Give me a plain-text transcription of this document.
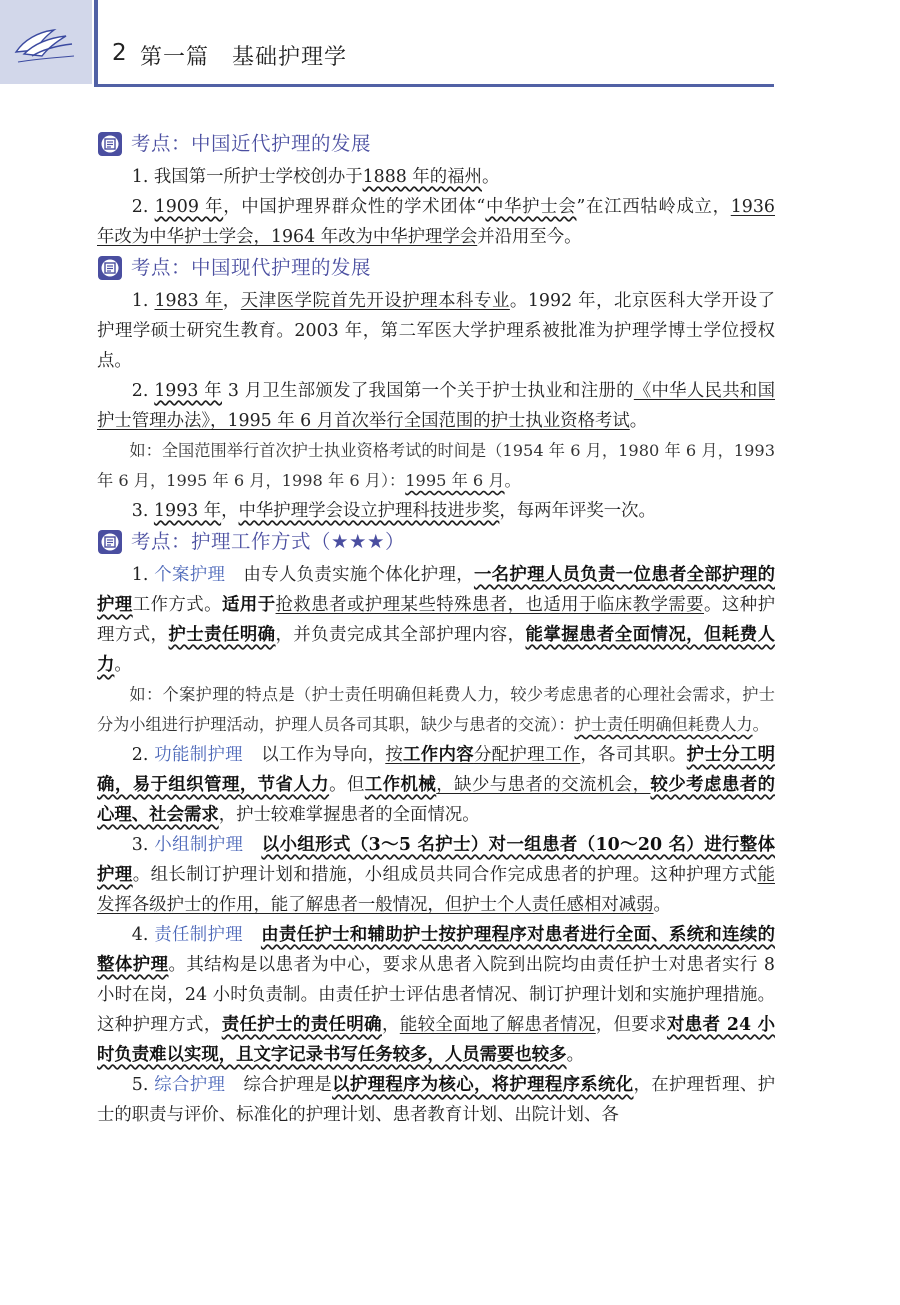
2 第一篇　基础护理学
考点：中国近代护理的发展

1. 我国第一所护士学校创办于1888 年的福州。

2. 1909 年，中国护理界群众性的学术团体“中华护士会”在江西牯岭成立，1936 年改为中华护士学会，1964 年改为中华护理学会并沿用至今。

考点：中国现代护理的发展

1. 1983 年，天津医学院首先开设护理本科专业。1992 年，北京医科大学开设了护理学硕士研究生教育。2003 年，第二军医大学护理系被批准为护理学博士学位授权点。

2. 1993 年 3 月卫生部颁发了我国第一个关于护士执业和注册的《中华人民共和国护士管理办法》，1995 年 6 月首次举行全国范围的护士执业资格考试。

如：全国范围举行首次护士执业资格考试的时间是（1954 年 6 月，1980 年 6 月，1993 年 6 月，1995 年 6 月，1998 年 6 月）：1995 年 6 月。

3. 1993 年，中华护理学会设立护理科技进步奖，每两年评奖一次。

考点：护理工作方式（★★★）

1. 个案护理 由专人负责实施个体化护理，一名护理人员负责一位患者全部护理的护理工作方式。适用于抢救患者或护理某些特殊患者，也适用于临床教学需要。这种护理方式，护士责任明确，并负责完成其全部护理内容，能掌握患者全面情况，但耗费人力。

如：个案护理的特点是（护士责任明确但耗费人力，较少考虑患者的心理社会需求，护士分为小组进行护理活动，护理人员各司其职，缺少与患者的交流）：护士责任明确但耗费人力。

2. 功能制护理 以工作为导向，按工作内容分配护理工作，各司其职。护士分工明确，易于组织管理，节省人力。但工作机械，缺少与患者的交流机会，较少考虑患者的心理、社会需求，护士较难掌握患者的全面情况。

3. 小组制护理 以小组形式（3～5 名护士）对一组患者（10～20 名）进行整体护理。组长制订护理计划和措施，小组成员共同合作完成患者的护理。这种护理方式能发挥各级护士的作用，能了解患者一般情况，但护士个人责任感相对减弱。

4. 责任制护理 由责任护士和辅助护士按护理程序对患者进行全面、系统和连续的整体护理。其结构是以患者为中心，要求从患者入院到出院均由责任护士对患者实行 8 小时在岗，24 小时负责制。由责任护士评估患者情况、制订护理计划和实施护理措施。这种护理方式，责任护士的责任明确，能较全面地了解患者情况，但要求对患者 24 小时负责难以实现，且文字记录书写任务较多，人员需要也较多。

5. 综合护理 综合护理是以护理程序为核心，将护理程序系统化，在护理哲理、护士的职责与评价、标准化的护理计划、患者教育计划、出院计划、各
